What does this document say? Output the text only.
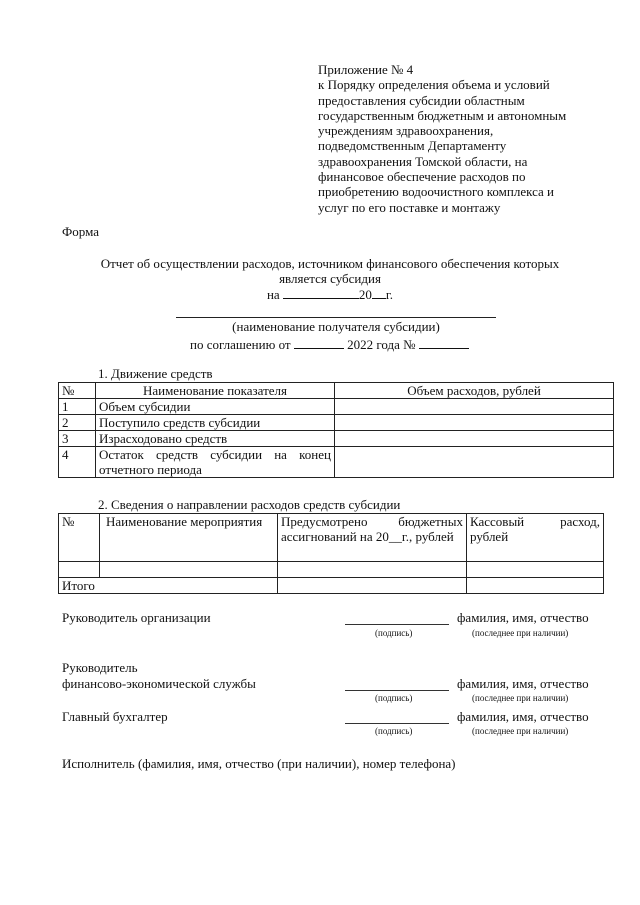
Приложение № 4
к Порядку определения объема и условий
предоставления субсидии областным
государственным бюджетным и автономным
учреждениям здравоохранения,
подведомственным Департаменту
здравоохранения Томской области, на
финансовое обеспечение расходов по
приобретению водоочистного комплекса и
услуг по его поставке и монтажу
Форма
Отчет об осуществлении расходов, источником финансового обеспечения которых
является субсидия
на	20 г.
(наименование получателя субсидии)
по соглашению от	2022 года №
1. Движение средств
№	Наименование показателя	Объем расходов, рублей
1	Объем субсидии	
2	Поступило средств субсидии	
3	Израсходовано средств	
4	Остаток средств субсидии на конец отчетного периода	
2. Сведения о направлении расходов средств субсидии
№	Наименование мероприятия	Предусмотрено бюджетных ассигнований на 20__г., рублей	Кассовый расход, рублей

Итого			
Руководитель организации	фамилия, имя, отчество
(подпись)	(последнее при наличии)
Руководитель
финансово-экономической службы	фамилия, имя, отчество
(подпись)	(последнее при наличии)
Главный бухгалтер	фамилия, имя, отчество
(подпись)	(последнее при наличии)
Исполнитель (фамилия, имя, отчество (при наличии), номер телефона)
